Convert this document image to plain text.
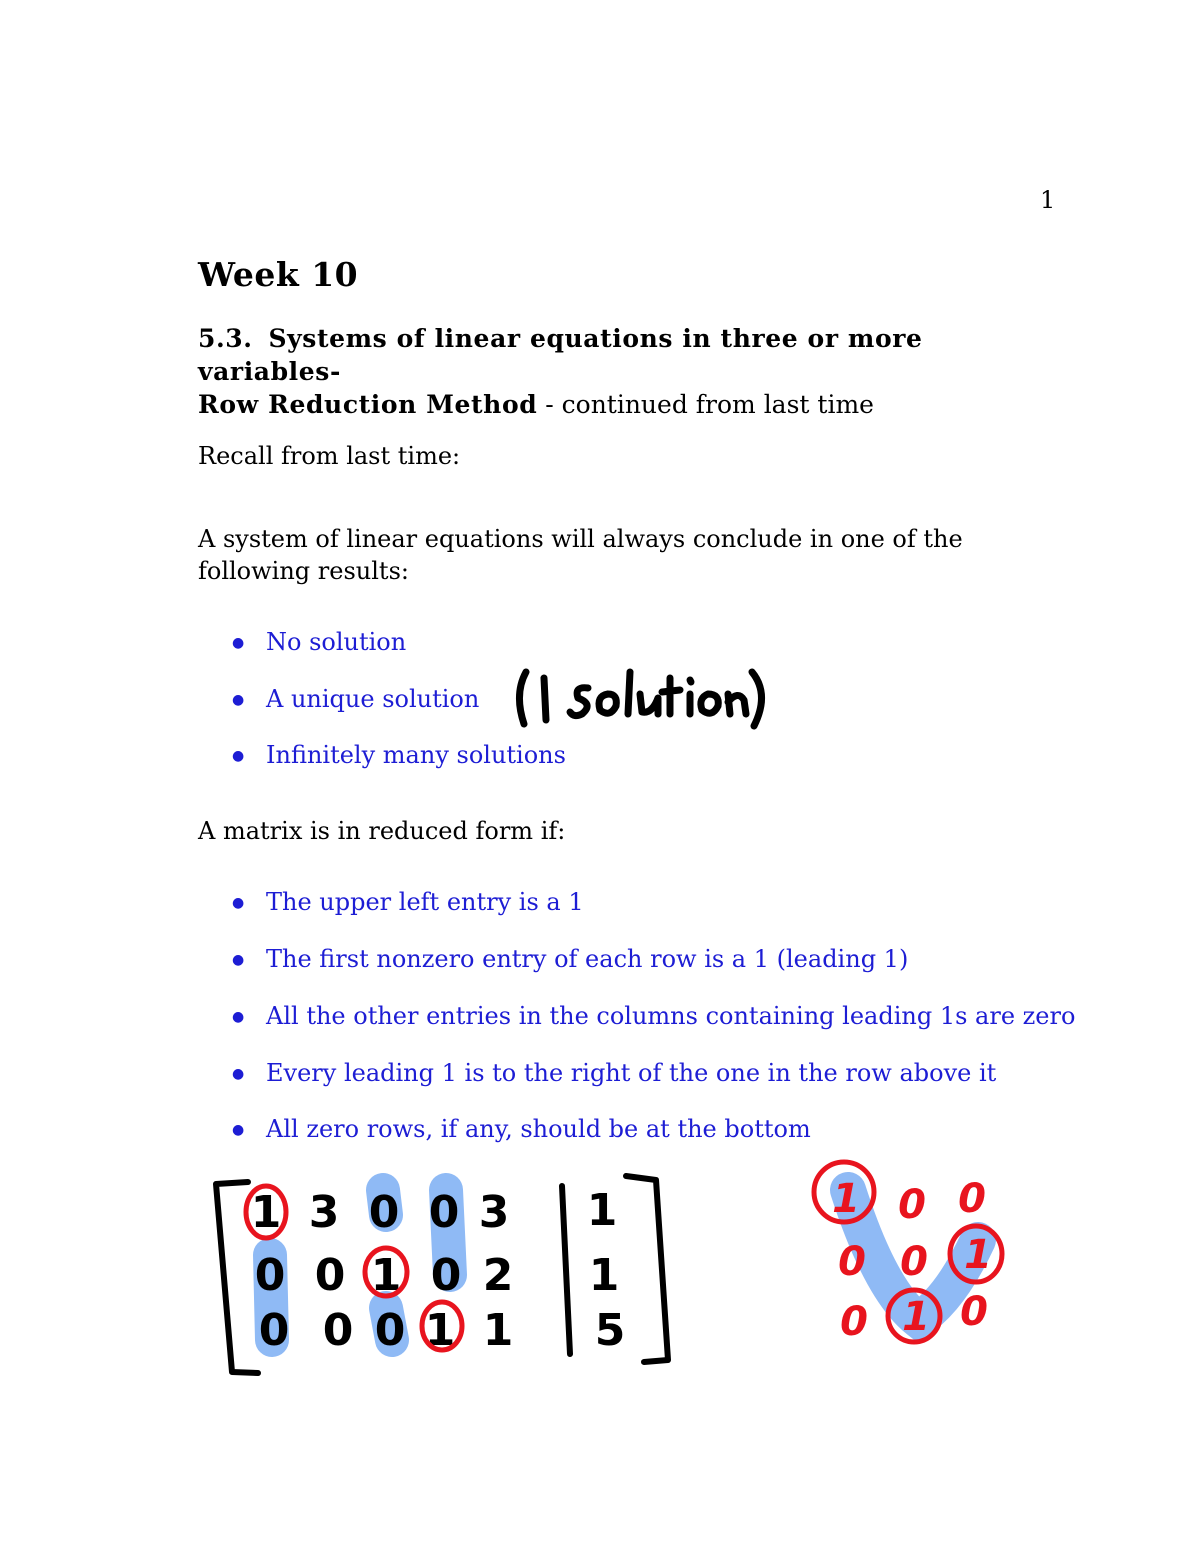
1
Week 10
5.3. Systems of linear equations in three or more variables-
Row Reduction Method - continued from last time
Recall from last time:
A system of linear equations will always conclude in one of the following results:
● No solution
● A unique solution
● Infinitely many solutions
A matrix is in reduced form if:
● The upper left entry is a 1
● The first nonzero entry of each row is a 1 (leading 1)
● All the other entries in the columns containing leading 1s are zero
● Every leading 1 is to the right of the one in the row above it
● All zero rows, if any, should be at the bottom
1 3 0 0 3
0 0 1 0 2
0 0 0 1 1
1
1
5
1 0 0
0 0 1
0 1 0
